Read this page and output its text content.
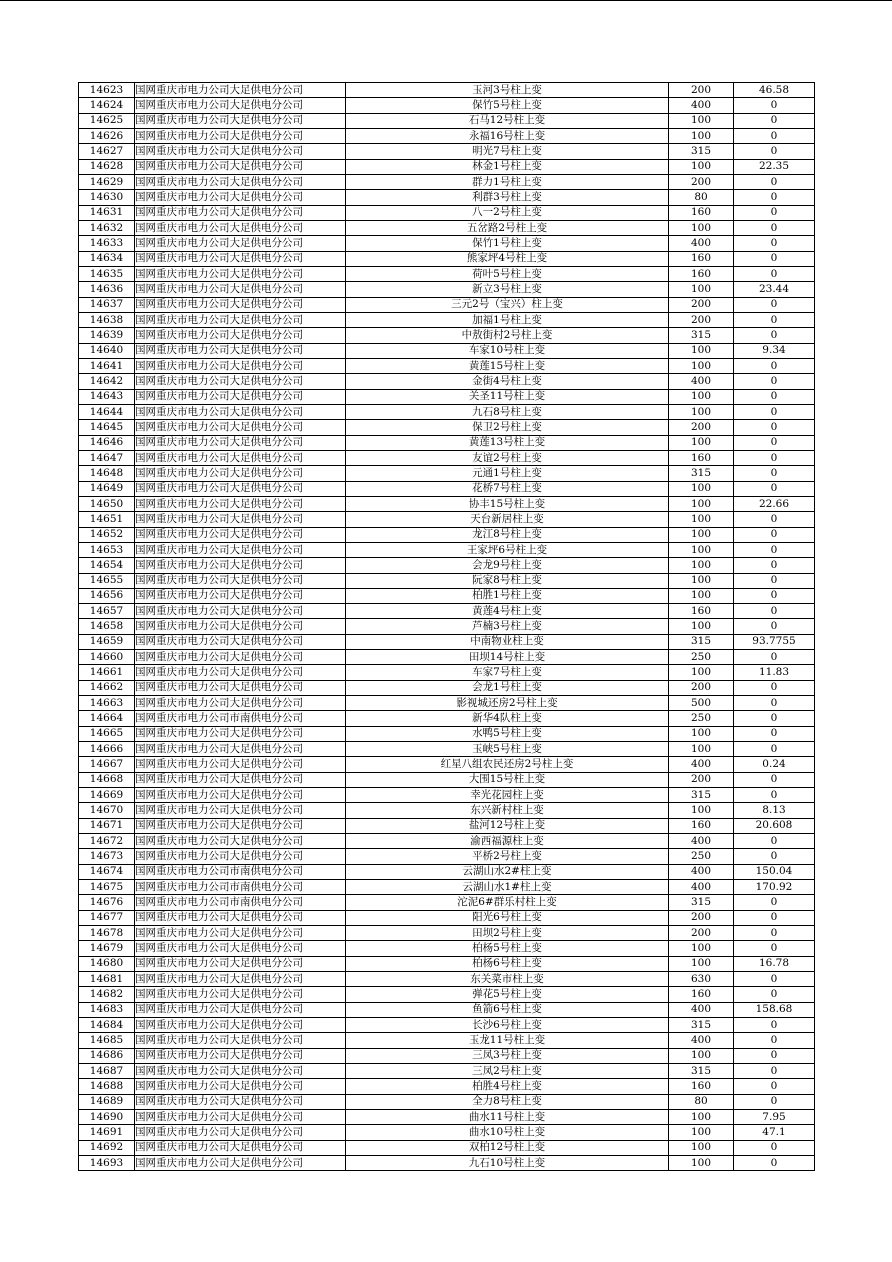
14623	国网重庆市电力公司大足供电分公司	玉河3号柱上变	200	46.58
14624	国网重庆市电力公司大足供电分公司	保竹5号柱上变	400	0
14625	国网重庆市电力公司大足供电分公司	石马12号柱上变	100	0
14626	国网重庆市电力公司大足供电分公司	永福16号柱上变	100	0
14627	国网重庆市电力公司大足供电分公司	明光7号柱上变	315	0
14628	国网重庆市电力公司大足供电分公司	林金1号柱上变	100	22.35
14629	国网重庆市电力公司大足供电分公司	群力1号柱上变	200	0
14630	国网重庆市电力公司大足供电分公司	利群3号柱上变	80	0
14631	国网重庆市电力公司大足供电分公司	八一2号柱上变	160	0
14632	国网重庆市电力公司大足供电分公司	五岔路2号柱上变	100	0
14633	国网重庆市电力公司大足供电分公司	保竹1号柱上变	400	0
14634	国网重庆市电力公司大足供电分公司	熊家坪4号柱上变	160	0
14635	国网重庆市电力公司大足供电分公司	荷叶5号柱上变	160	0
14636	国网重庆市电力公司大足供电分公司	新立3号柱上变	100	23.44
14637	国网重庆市电力公司大足供电分公司	三元2号（宝兴）柱上变	200	0
14638	国网重庆市电力公司大足供电分公司	加福1号柱上变	200	0
14639	国网重庆市电力公司大足供电分公司	中敖街村2号柱上变	315	0
14640	国网重庆市电力公司大足供电分公司	车家10号柱上变	100	9.34
14641	国网重庆市电力公司大足供电分公司	黄莲15号柱上变	100	0
14642	国网重庆市电力公司大足供电分公司	金街4号柱上变	400	0
14643	国网重庆市电力公司大足供电分公司	关圣11号柱上变	100	0
14644	国网重庆市电力公司大足供电分公司	九石8号柱上变	100	0
14645	国网重庆市电力公司大足供电分公司	保卫2号柱上变	200	0
14646	国网重庆市电力公司大足供电分公司	黄莲13号柱上变	100	0
14647	国网重庆市电力公司大足供电分公司	友谊2号柱上变	160	0
14648	国网重庆市电力公司大足供电分公司	元通1号柱上变	315	0
14649	国网重庆市电力公司大足供电分公司	花桥7号柱上变	100	0
14650	国网重庆市电力公司大足供电分公司	协丰15号柱上变	100	22.66
14651	国网重庆市电力公司大足供电分公司	天台新居柱上变	100	0
14652	国网重庆市电力公司大足供电分公司	龙江8号柱上变	100	0
14653	国网重庆市电力公司大足供电分公司	王家坪6号柱上变	100	0
14654	国网重庆市电力公司大足供电分公司	会龙9号柱上变	100	0
14655	国网重庆市电力公司大足供电分公司	阮家8号柱上变	100	0
14656	国网重庆市电力公司大足供电分公司	柏胜1号柱上变	100	0
14657	国网重庆市电力公司大足供电分公司	黄莲4号柱上变	160	0
14658	国网重庆市电力公司大足供电分公司	芦楠3号柱上变	100	0
14659	国网重庆市电力公司大足供电分公司	中南物业柱上变	315	93.7755
14660	国网重庆市电力公司大足供电分公司	田坝14号柱上变	250	0
14661	国网重庆市电力公司大足供电分公司	车家7号柱上变	100	11.83
14662	国网重庆市电力公司大足供电分公司	会龙1号柱上变	200	0
14663	国网重庆市电力公司大足供电分公司	影视城还房2号柱上变	500	0
14664	国网重庆市电力公司市南供电分公司	新华4队柱上变	250	0
14665	国网重庆市电力公司大足供电分公司	水鸭5号柱上变	100	0
14666	国网重庆市电力公司大足供电分公司	玉峡5号柱上变	100	0
14667	国网重庆市电力公司大足供电分公司	红星八组农民还房2号柱上变	400	0.24
14668	国网重庆市电力公司大足供电分公司	大围15号柱上变	200	0
14669	国网重庆市电力公司大足供电分公司	幸光花园柱上变	315	0
14670	国网重庆市电力公司大足供电分公司	东兴新村柱上变	100	8.13
14671	国网重庆市电力公司大足供电分公司	盐河12号柱上变	160	20.608
14672	国网重庆市电力公司大足供电分公司	渝西福源柱上变	400	0
14673	国网重庆市电力公司大足供电分公司	平桥2号柱上变	250	0
14674	国网重庆市电力公司市南供电分公司	云湖山水2#柱上变	400	150.04
14675	国网重庆市电力公司市南供电分公司	云湖山水1#柱上变	400	170.92
14676	国网重庆市电力公司市南供电分公司	沱泥6#群乐村柱上变	315	0
14677	国网重庆市电力公司大足供电分公司	阳光6号柱上变	200	0
14678	国网重庆市电力公司大足供电分公司	田坝2号柱上变	200	0
14679	国网重庆市电力公司大足供电分公司	柏杨5号柱上变	100	0
14680	国网重庆市电力公司大足供电分公司	柏杨6号柱上变	100	16.78
14681	国网重庆市电力公司大足供电分公司	东关菜市柱上变	630	0
14682	国网重庆市电力公司大足供电分公司	弹花5号柱上变	160	0
14683	国网重庆市电力公司大足供电分公司	鱼箭6号柱上变	400	158.68
14684	国网重庆市电力公司大足供电分公司	长沙6号柱上变	315	0
14685	国网重庆市电力公司大足供电分公司	玉龙11号柱上变	400	0
14686	国网重庆市电力公司大足供电分公司	三凤3号柱上变	100	0
14687	国网重庆市电力公司大足供电分公司	三凤2号柱上变	315	0
14688	国网重庆市电力公司大足供电分公司	柏胜4号柱上变	160	0
14689	国网重庆市电力公司大足供电分公司	全力8号柱上变	80	0
14690	国网重庆市电力公司大足供电分公司	曲水11号柱上变	100	7.95
14691	国网重庆市电力公司大足供电分公司	曲水10号柱上变	100	47.1
14692	国网重庆市电力公司大足供电分公司	双柏12号柱上变	100	0
14693	国网重庆市电力公司大足供电分公司	九石10号柱上变	100	0
